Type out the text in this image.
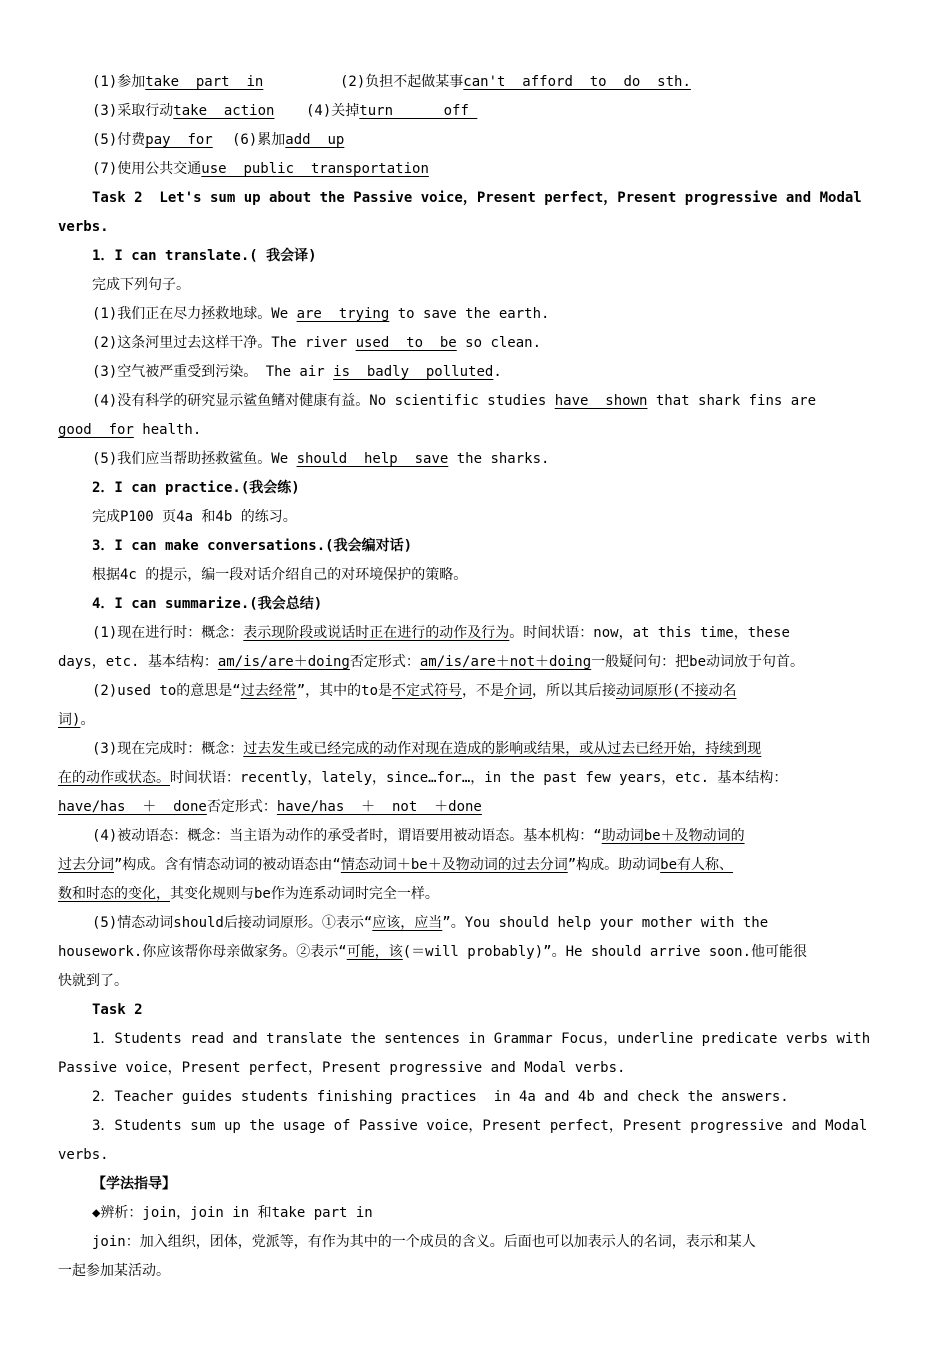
(1)参加take  part  in	(2)负担不起做某事can't  afford  to  do  sth.
(3)采取行动take  action (4)关掉turn      off
(5)付费pay  for (6)累加add  up
(7)使用公共交通use  public  transportation
Task 2  Let's sum up about the Passive voice，Present perfect，Present progressive and Modal
verbs.
1．I can translate.( 我会译)
完成下列句子。
(1)我们正在尽力拯救地球。We are  trying to save the earth.
(2)这条河里过去这样干净。The river used  to  be so clean.
(3)空气被严重受到污染。 The air is  badly  polluted.
(4)没有科学的研究显示鲨鱼鳍对健康有益。No scientific studies have  shown that shark fins are
good  for health.
(5)我们应当帮助拯救鲨鱼。We should  help  save the sharks.
2．I can practice.(我会练)
完成P100 页4a 和4b 的练习。
3．I can make conversations.(我会编对话)
根据4c 的提示，编一段对话介绍自己的对环境保护的策略。
4．I can summarize.(我会总结)
(1)现在进行时：概念：表示现阶段或说话时正在进行的动作及行为。时间状语：now，at this time，these
days，etc. 基本结构：am/is/are＋doing否定形式：am/is/are＋not＋doing一般疑问句：把be动词放于句首。
(2)used to的意思是“过去经常”，其中的to是不定式符号，不是介词，所以其后接动词原形(不接动名
词)。
(3)现在完成时：概念：过去发生或已经完成的动作对现在造成的影响或结果，或从过去已经开始，持续到现
在的动作或状态。时间状语：recently，lately，since…for…，in the past few years，etc. 基本结构：
have/has  ＋  done否定形式：have/has  ＋  not  ＋done
(4)被动语态：概念：当主语为动作的承受者时，谓语要用被动语态。基本机构：“助动词be＋及物动词的
过去分词”构成。含有情态动词的被动语态由“情态动词＋be＋及物动词的过去分词”构成。助动词be有人称、
数和时态的变化，其变化规则与be作为连系动词时完全一样。
(5)情态动词should后接动词原形。①表示“应该，应当”。You should help your mother with the
housework.你应该帮你母亲做家务。②表示“可能，该(＝will probably)”。He should arrive soon.他可能很
快就到了。
Task 2
1．Students read and translate the sentences in Grammar Focus，underline predicate verbs with
Passive voice，Present perfect，Present progressive and Modal verbs.
2．Teacher guides students finishing practices  in 4a and 4b and check the answers.
3．Students sum up the usage of Passive voice，Present perfect，Present progressive and Modal
verbs.
【学法指导】
◆辨析：join，join in 和take part in
join：加入组织，团体，党派等，有作为其中的一个成员的含义。后面也可以加表示人的名词，表示和某人
一起参加某活动。
